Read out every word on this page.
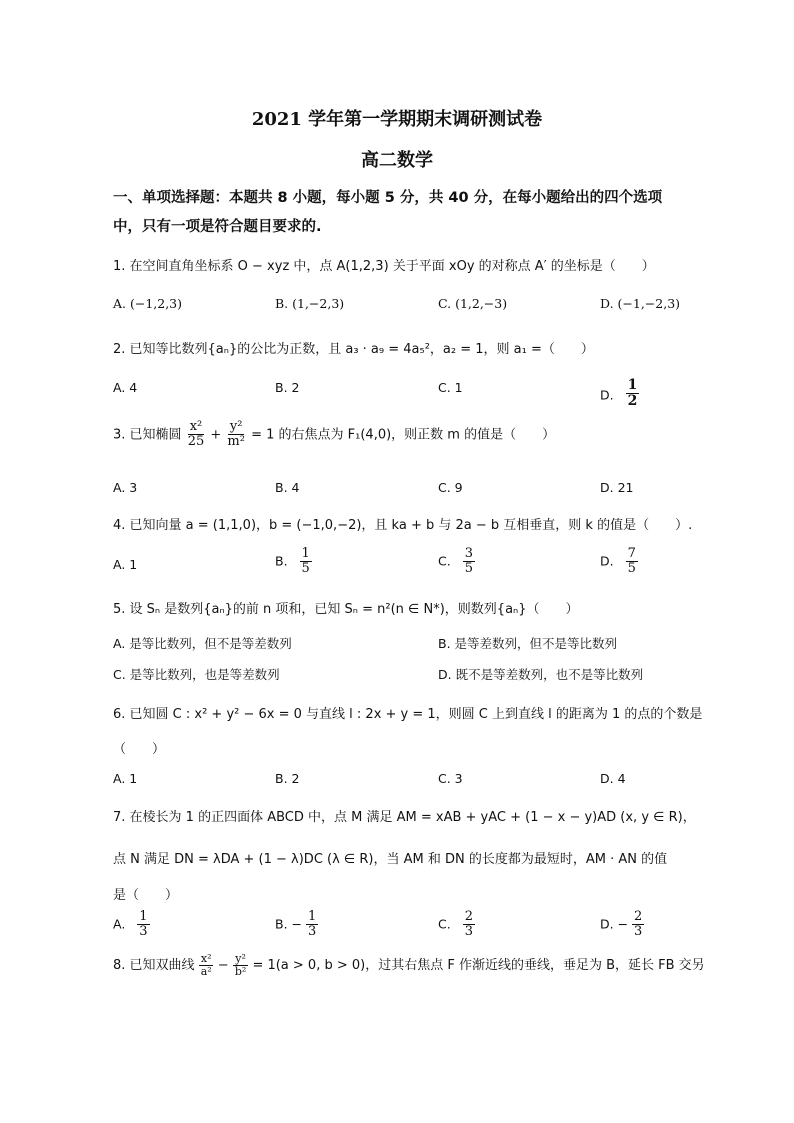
2021 学年第一学期期末调研测试卷
高二数学
一、单项选择题：本题共 8 小题，每小题 5 分，共 40 分，在每小题给出的四个选项
中，只有一项是符合题目要求的.
1. 在空间直角坐标系 O − xyz 中，点 A(1,2,3) 关于平面 xOy 的对称点 A′ 的坐标是（　　）
A. (−1,2,3)	B. (1,−2,3)	C. (1,2,−3)	D. (−1,−2,3)
2. 已知等比数列{aₙ}的公比为正数，且 a₃ · a₉ = 4a₅²，a₂ = 1，则 a₁ =（　　）
A. 4	B. 2	C. 1	D. $\frac{1}{2}$
3. 已知椭圆 $\frac{\text{x²}}{25} + \frac{\text{y²}}{\text{m²}} = 1$ 的右焦点为 F₁(4,0)，则正数 m 的值是（　　）
A. 3	B. 4	C. 9	D. 21
4. 已知向量 a = (1,1,0)，b = (−1,0,−2)，且 ka + b 与 2a − b 互相垂直，则 k 的值是（　　）.
A. 1	B. $\frac{1}{5}$	C. $\frac{3}{5}$	D. $\frac{7}{5}$
5. 设 Sₙ 是数列{aₙ}的前 n 项和，已知 Sₙ = n²(n ∈ N*)，则数列{aₙ}（　　）
A. 是等比数列，但不是等差数列	B. 是等差数列，但不是等比数列
C. 是等比数列，也是等差数列	D. 既不是等差数列，也不是等比数列
6. 已知圆 C : x² + y² − 6x = 0 与直线 l : 2x + y = 1，则圆 C 上到直线 l 的距离为 1 的点的个数是
（　　）
A. 1	B. 2	C. 3	D. 4
7. 在棱长为 1 的正四面体 ABCD 中，点 M 满足 AM = xAB + yAC + (1 − x − y)AD (x, y ∈ R)，
点 N 满足 DN = λDA + (1 − λ)DC (λ ∈ R)，当 AM 和 DN 的长度都为最短时，AM · AN 的值
是（　　）
A. $\frac{1}{3}$	B. − $\frac{1}{3}$	C. $\frac{2}{3}$	D. − $\frac{2}{3}$
8. 已知双曲线 $\frac{\text{x²}}{\text{a²}} - \frac{\text{y²}}{\text{b²}} = 1(a > 0$, b > 0)，过其右焦点 F 作渐近线的垂线，垂足为 B，延长 FB 交另
